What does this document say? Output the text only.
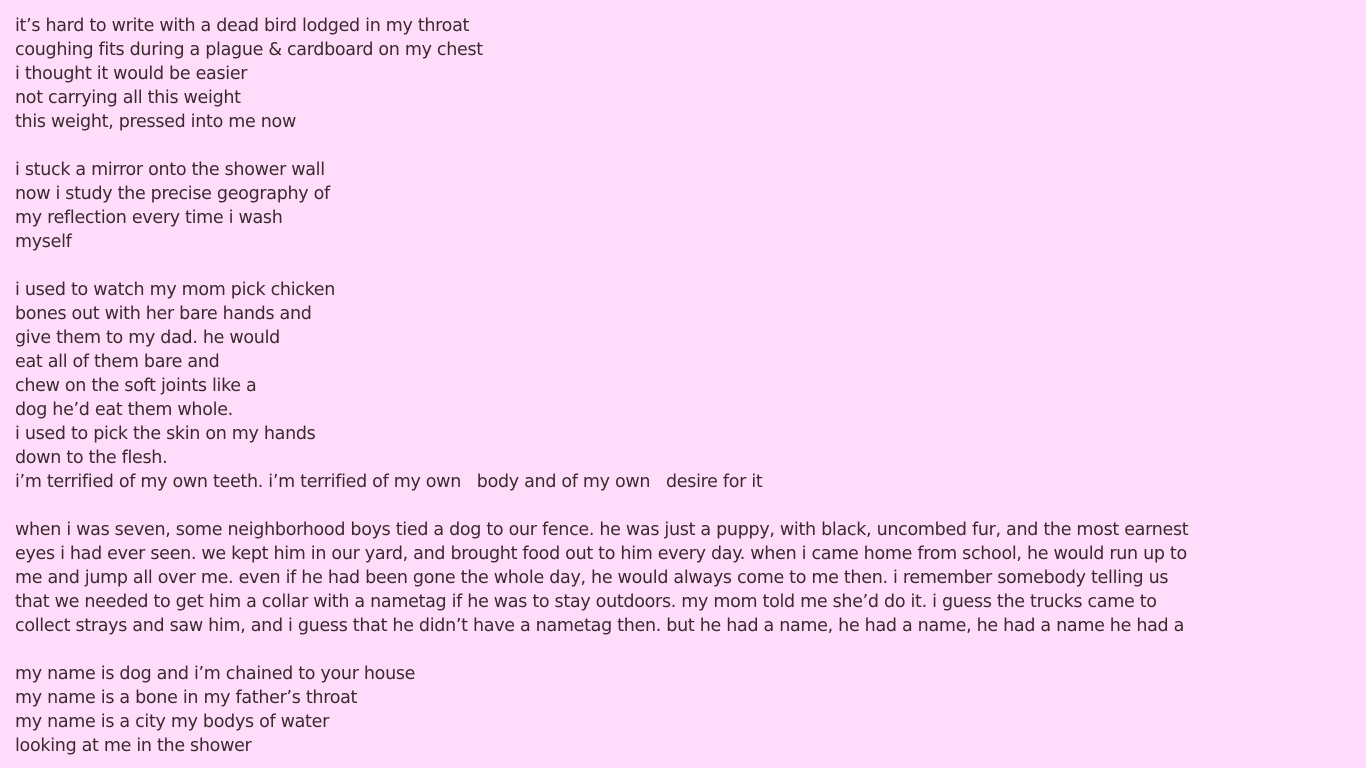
it’s hard to write with a dead bird lodged in my throat
coughing fits during a plague & cardboard on my chest
i thought it would be easier
not carrying all this weight
this weight, pressed into me now
i stuck a mirror onto the shower wall
now i study the precise geography of
my reflection every time i wash
myself
i used to watch my mom pick chicken
bones out with her bare hands and
give them to my dad. he would
eat all of them bare and
chew on the soft joints like a
dog he’d eat them whole.
i used to pick the skin on my hands
down to the flesh.
i’m terrified of my own teeth. i’m terrified of my own   body and of my own   desire for it
when i was seven, some neighborhood boys tied a dog to our fence. he was just a puppy, with black, uncombed fur, and the most earnest
eyes i had ever seen. we kept him in our yard, and brought food out to him every day. when i came home from school, he would run up to
me and jump all over me. even if he had been gone the whole day, he would always come to me then. i remember somebody telling us
that we needed to get him a collar with a nametag if he was to stay outdoors. my mom told me she’d do it. i guess the trucks came to
collect strays and saw him, and i guess that he didn’t have a nametag then. but he had a name, he had a name, he had a name he had a
my name is dog and i’m chained to your house
my name is a bone in my father’s throat
my name is a city my bodys of water
looking at me in the shower
